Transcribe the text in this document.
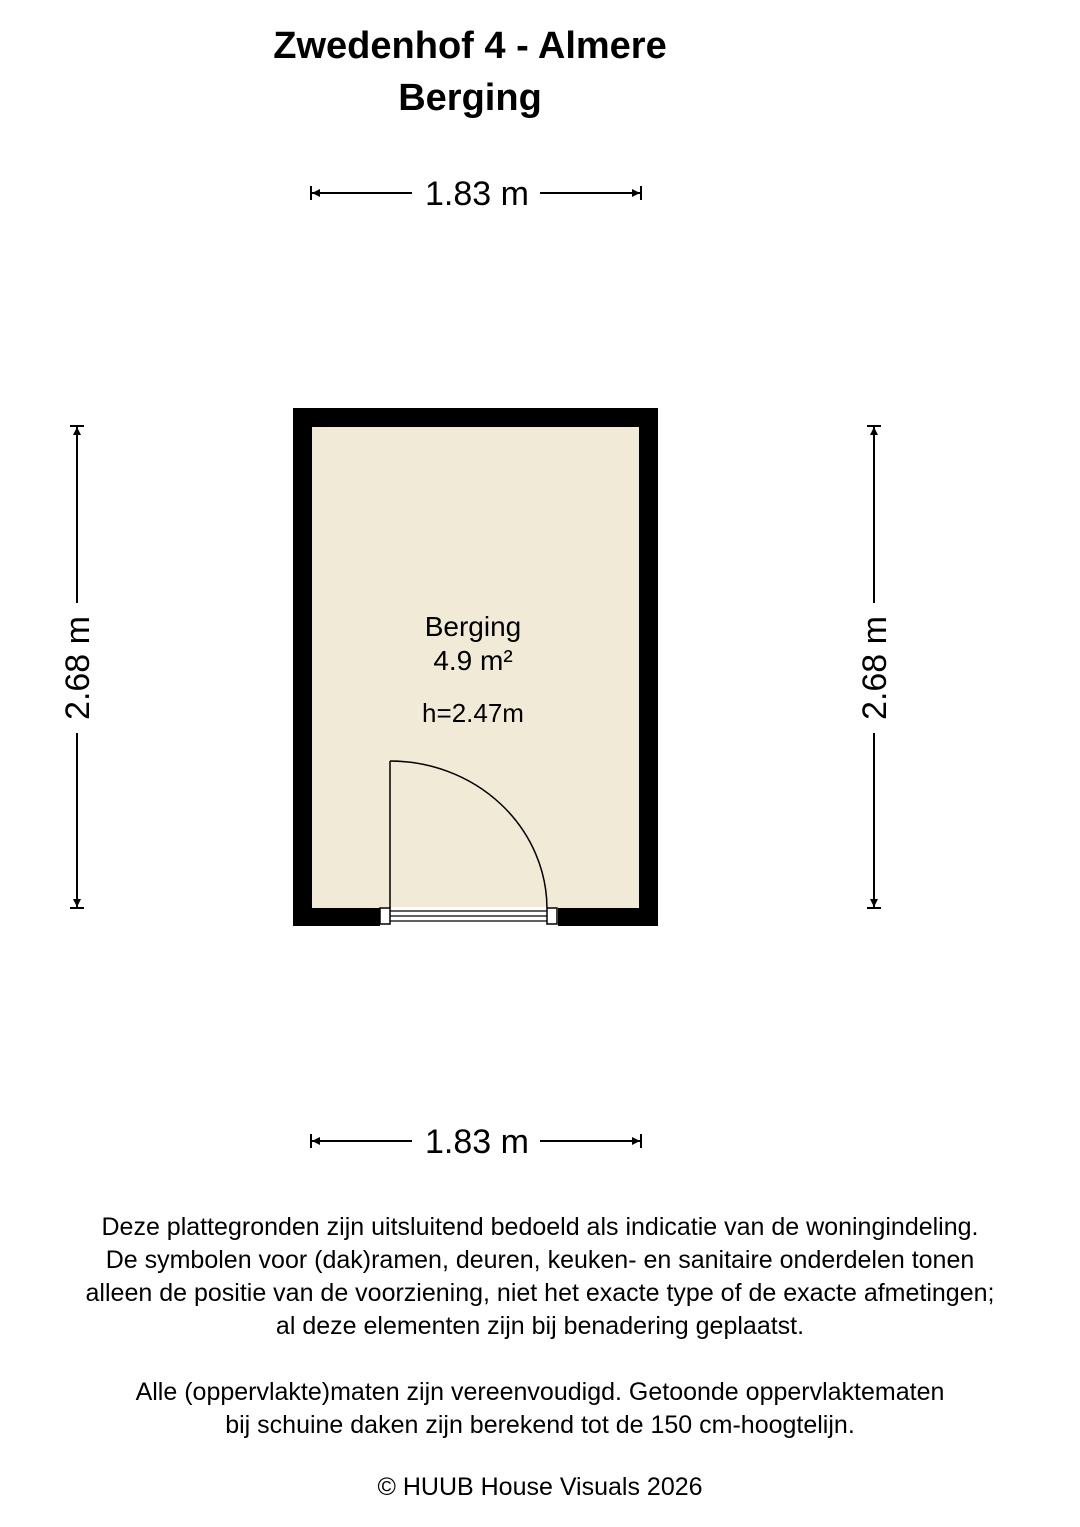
Zwedenhof 4 - Almere
Berging
1.83 m
1.83 m
2.68 m	2.68 m
Berging
4.9 m²
h=2.47m
Deze plattegronden zijn uitsluitend bedoeld als indicatie van de woningindeling.
De symbolen voor (dak)ramen, deuren, keuken- en sanitaire onderdelen tonen
alleen de positie van de voorziening, niet het exacte type of de exacte afmetingen;
al deze elementen zijn bij benadering geplaatst.
Alle (oppervlakte)maten zijn vereenvoudigd. Getoonde oppervlaktematen
bij schuine daken zijn berekend tot de 150 cm-hoogtelijn.
© HUUB House Visuals 2026
